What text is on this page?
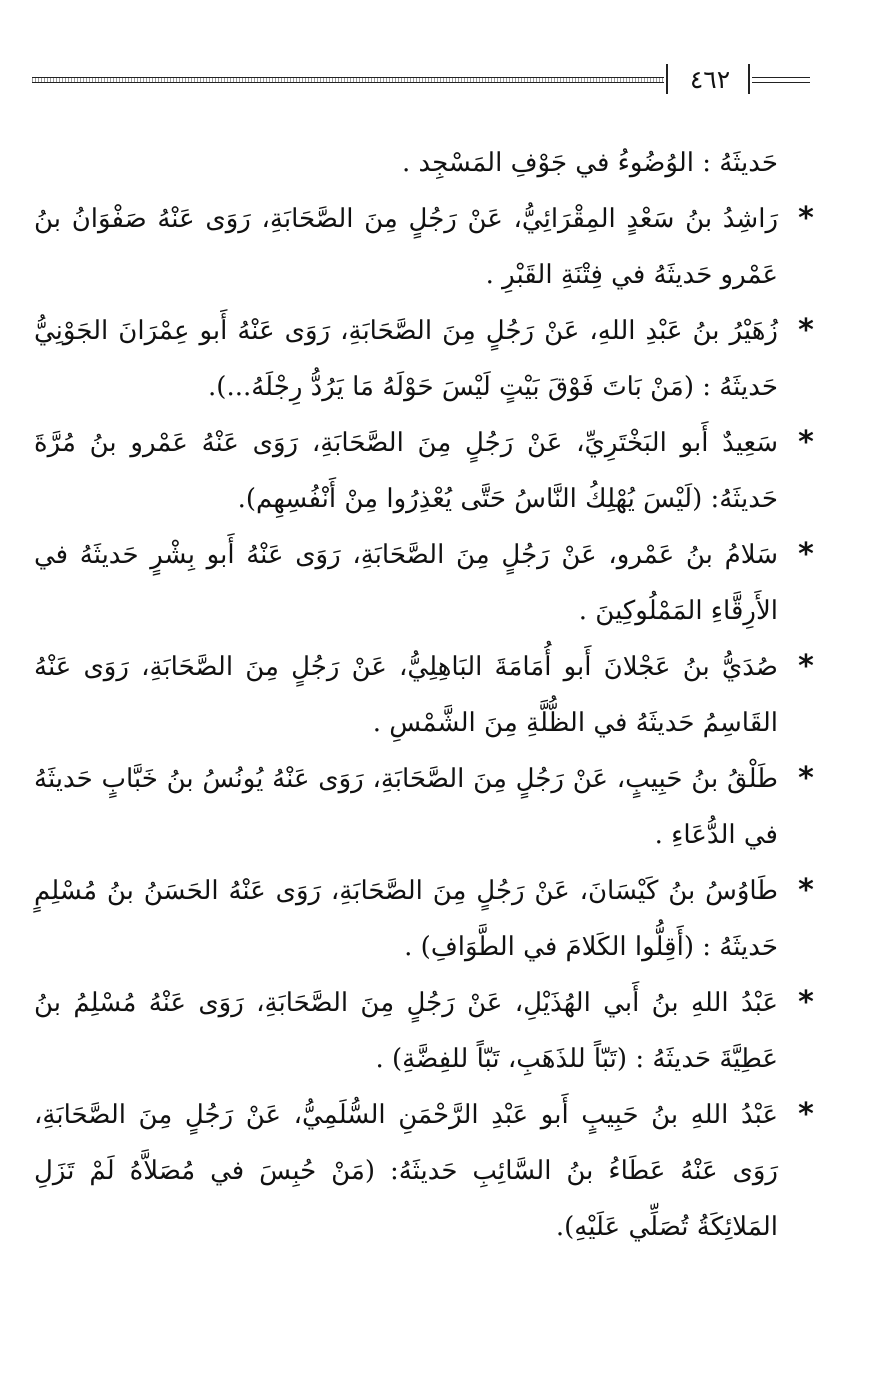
٤٦٢

حَديثَهُ : الوُضُوءُ في جَوْفِ المَسْجِد .

*
رَاشِدُ بنُ سَعْدٍ المِقْرَائِيُّ، عَنْ رَجُلٍ مِنَ الصَّحَابَةِ، رَوَى عَنْهُ صَفْوَانُ بنُ عَمْرو حَديثَهُ في فِتْنَةِ القَبْرِ .

*
زُهَيْرُ بنُ عَبْدِ اللهِ، عَنْ رَجُلٍ مِنَ الصَّحَابَةِ، رَوَى عَنْهُ أَبو عِمْرَانَ الجَوْنِيُّ حَديثَهُ : (مَنْ بَاتَ فَوْقَ بَيْتٍ لَيْسَ حَوْلَهُ مَا يَرُدُّ رِجْلَهُ...).

*
سَعِيدٌ أَبو البَخْتَرِيِّ، عَنْ رَجُلٍ مِنَ الصَّحَابَةِ، رَوَى عَنْهُ عَمْرو بنُ مُرَّةَ حَديثَهُ: (لَيْسَ يُهْلِكُ النَّاسُ حَتَّى يُعْذِرُوا مِنْ أَنْفُسِهِم).

*
سَلامُ بنُ عَمْرو، عَنْ رَجُلٍ مِنَ الصَّحَابَةِ، رَوَى عَنْهُ أَبو بِشْرٍ حَديثَهُ في الأَرِقَّاءِ المَمْلُوكِينَ .

*
صُدَيُّ بنُ عَجْلانَ أَبو أُمَامَةَ البَاهِلِيُّ، عَنْ رَجُلٍ مِنَ الصَّحَابَةِ، رَوَى عَنْهُ القَاسِمُ حَديثَهُ في الظُّلَّةِ مِنَ الشَّمْسِ .

*
طَلْقُ بنُ حَبِيبٍ، عَنْ رَجُلٍ مِنَ الصَّحَابَةِ، رَوَى عَنْهُ يُونُسُ بنُ خَبَّابٍ حَديثَهُ في الدُّعَاءِ .

*
طَاوُسُ بنُ كَيْسَانَ، عَنْ رَجُلٍ مِنَ الصَّحَابَةِ، رَوَى عَنْهُ الحَسَنُ بنُ مُسْلِمٍ حَديثَهُ : (أَقِلُّوا الكَلامَ في الطَّوَافِ) .

*
عَبْدُ اللهِ بنُ أَبي الهُذَيْلِ، عَنْ رَجُلٍ مِنَ الصَّحَابَةِ، رَوَى عَنْهُ مُسْلِمُ بنُ عَطِيَّةَ حَديثَهُ : (تَبّاً للذَهَبِ، تَبّاً للفِضَّةِ) .

*
عَبْدُ اللهِ بنُ حَبِيبٍ أَبو عَبْدِ الرَّحْمَنِ السُّلَمِيُّ، عَنْ رَجُلٍ مِنَ الصَّحَابَةِ، رَوَى عَنْهُ عَطَاءُ بنُ السَّائِبِ حَديثَهُ: (مَنْ حُبِسَ في مُصَلاَّهُ لَمْ تَزَلِ المَلائِكَةُ تُصَلِّي عَلَيْهِ).
